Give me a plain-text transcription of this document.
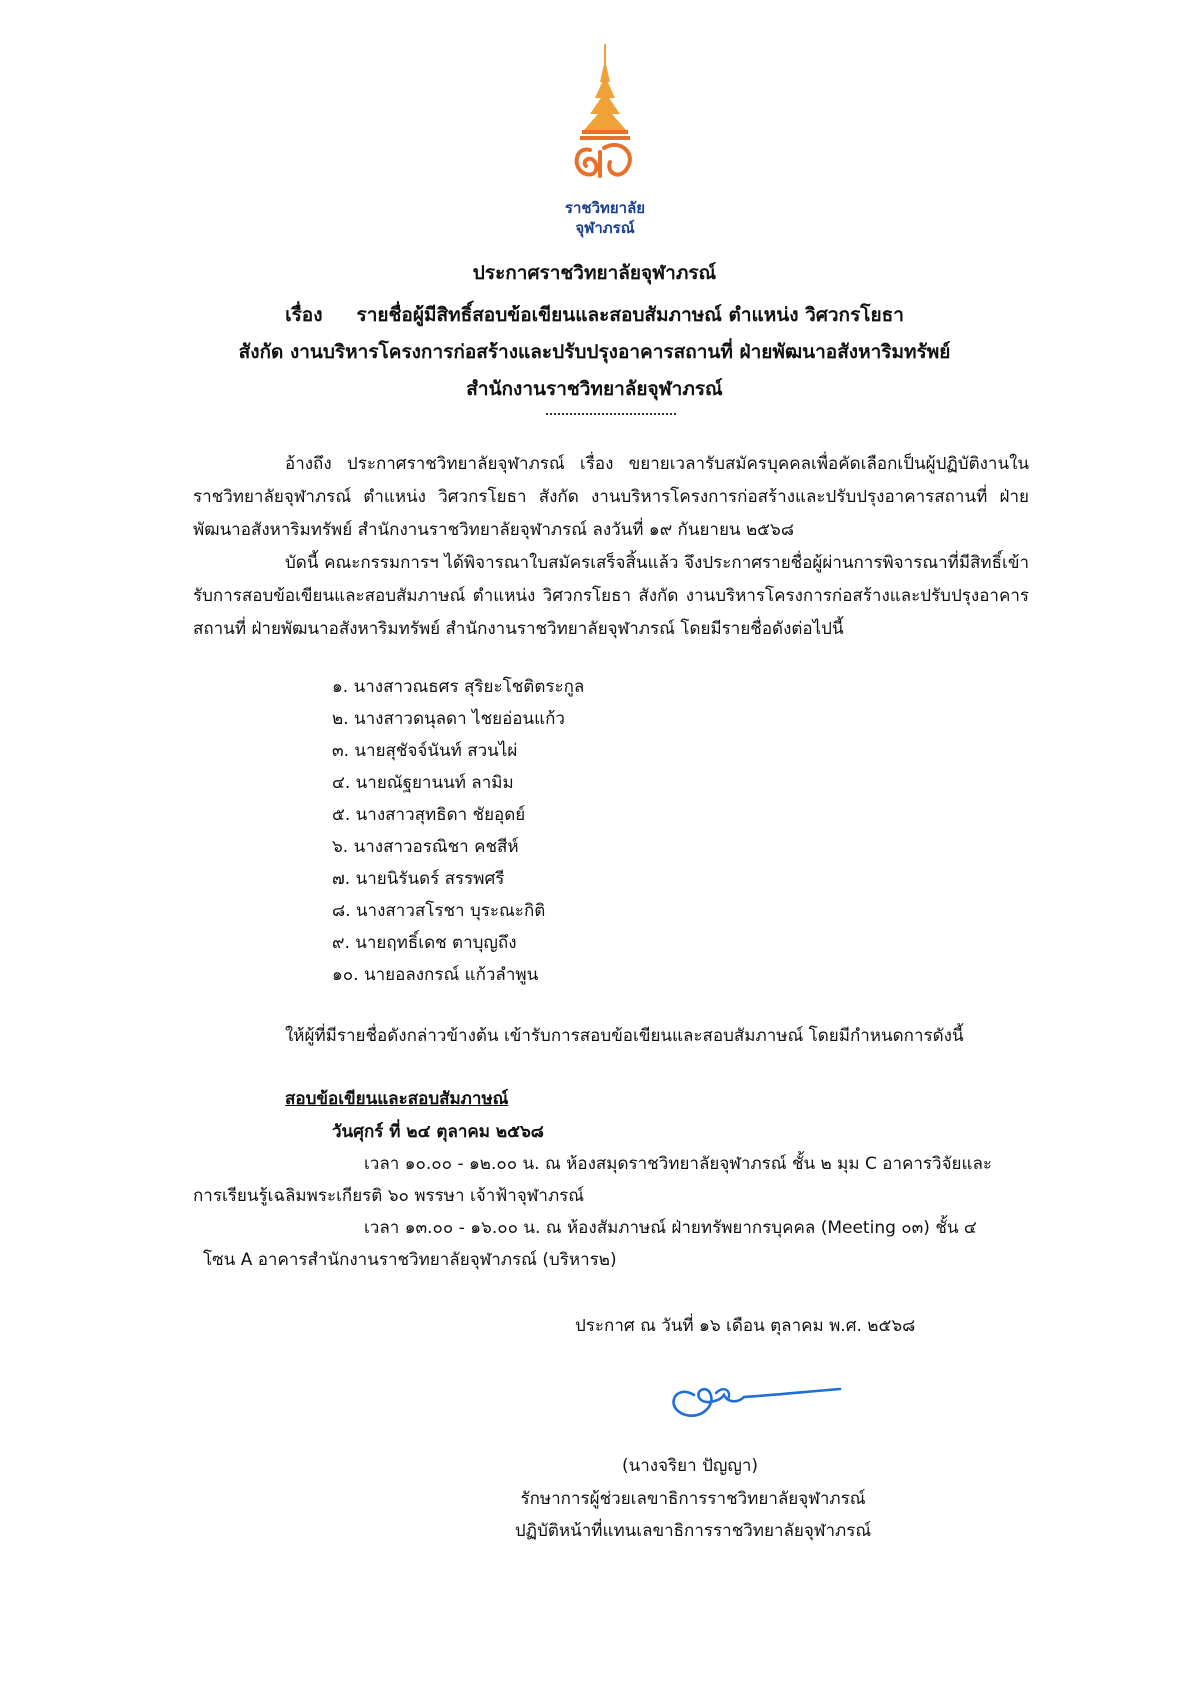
ราชวิทยาลัย
จุฬาภรณ์
ประกาศราชวิทยาลัยจุฬาภรณ์
เรื่อง รายชื่อผู้มีสิทธิ์สอบข้อเขียนและสอบสัมภาษณ์ ตำแหน่ง วิศวกรโยธา
สังกัด งานบริหารโครงการก่อสร้างและปรับปรุงอาคารสถานที่ ฝ่ายพัฒนาอสังหาริมทรัพย์
สำนักงานราชวิทยาลัยจุฬาภรณ์
อ้างถึง ประกาศราชวิทยาลัยจุฬาภรณ์ เรื่อง ขยายเวลารับสมัครบุคคลเพื่อคัดเลือกเป็นผู้ปฏิบัติงานในราชวิทยาลัยจุฬาภรณ์ ตำแหน่ง วิศวกรโยธา สังกัด งานบริหารโครงการก่อสร้างและปรับปรุงอาคารสถานที่ ฝ่ายพัฒนาอสังหาริมทรัพย์ สำนักงานราชวิทยาลัยจุฬาภรณ์ ลงวันที่ ๑๙ กันยายน ๒๕๖๘
บัดนี้ คณะกรรมการฯ ได้พิจารณาใบสมัครเสร็จสิ้นแล้ว จึงประกาศรายชื่อผู้ผ่านการพิจารณาที่มีสิทธิ์เข้ารับการสอบข้อเขียนและสอบสัมภาษณ์ ตำแหน่ง วิศวกรโยธา สังกัด งานบริหารโครงการก่อสร้างและปรับปรุงอาคารสถานที่ ฝ่ายพัฒนาอสังหาริมทรัพย์ สำนักงานราชวิทยาลัยจุฬาภรณ์ โดยมีรายชื่อดังต่อไปนี้
๑. นางสาวณธศร สุริยะโชติตระกูล
๒. นางสาวดนุลดา ไชยอ่อนแก้ว
๓. นายสุชัจจ์นันท์ สวนไผ่
๔. นายณัฐยานนท์ ลามิม
๕. นางสาวสุทธิดา ชัยอุดย์
๖. นางสาวอรณิชา คชสีห์
๗. นายนิรันดร์ สรรพศรี
๘. นางสาวสโรชา บุระณะกิติ
๙. นายฤทธิ์เดช ตาบุญถึง
๑๐. นายอลงกรณ์ แก้วลำพูน
ให้ผู้ที่มีรายชื่อดังกล่าวข้างต้น เข้ารับการสอบข้อเขียนและสอบสัมภาษณ์ โดยมีกำหนดการดังนี้
สอบข้อเขียนและสอบสัมภาษณ์
วันศุกร์ ที่ ๒๔ ตุลาคม ๒๕๖๘
เวลา ๑๐.๐๐ - ๑๒.๐๐ น. ณ ห้องสมุดราชวิทยาลัยจุฬาภรณ์ ชั้น ๒ มุม C อาคารวิจัยและ
การเรียนรู้เฉลิมพระเกียรติ ๖๐ พรรษา เจ้าฟ้าจุฬาภรณ์
เวลา ๑๓.๐๐ - ๑๖.๐๐ น. ณ ห้องสัมภาษณ์ ฝ่ายทรัพยากรบุคคล (Meeting ๐๓) ชั้น ๔
โซน A อาคารสำนักงานราชวิทยาลัยจุฬาภรณ์ (บริหาร๒)
ประกาศ ณ วันที่ ๑๖ เดือน ตุลาคม พ.ศ. ๒๕๖๘
(นางจริยา ปัญญา)
รักษาการผู้ช่วยเลขาธิการราชวิทยาลัยจุฬาภรณ์
ปฏิบัติหน้าที่แทนเลขาธิการราชวิทยาลัยจุฬาภรณ์
